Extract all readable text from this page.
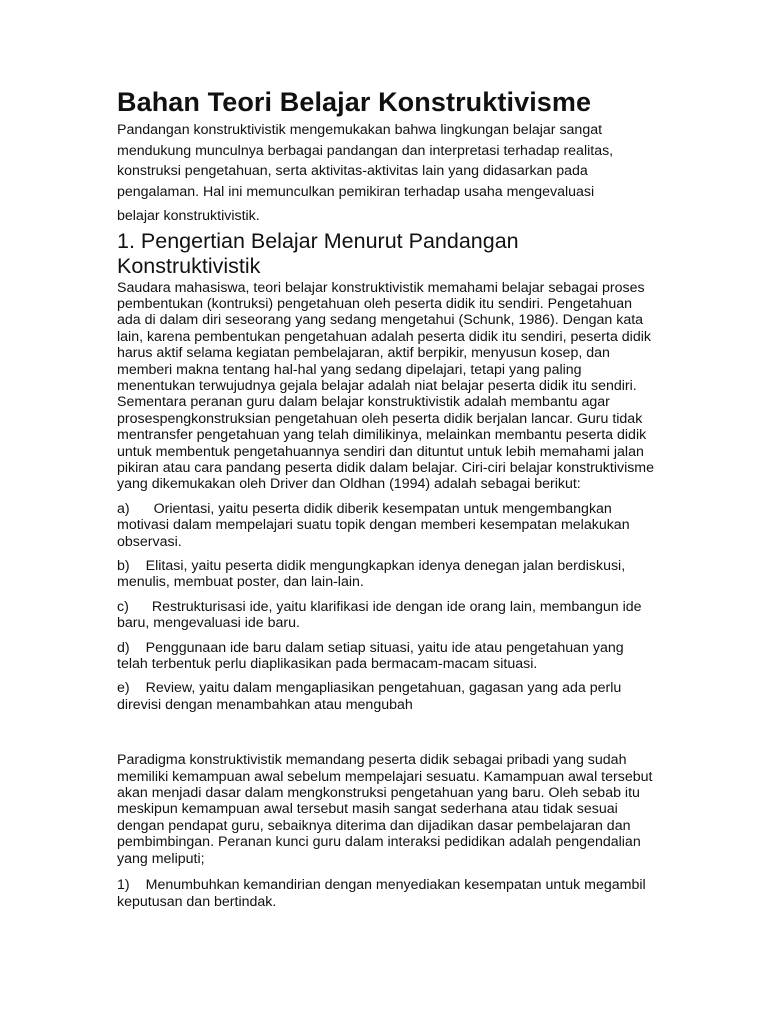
Bahan Teori Belajar Konstruktivisme

Pandangan konstruktivistik mengemukakan bahwa lingkungan belajar sangat mendukung munculnya berbagai pandangan dan interpretasi terhadap realitas, konstruksi pengetahuan, serta aktivitas-aktivitas lain yang didasarkan pada pengalaman. Hal ini memunculkan pemikiran terhadap usaha mengevaluasi

belajar konstruktivistik.

1. Pengertian Belajar Menurut Pandangan Konstruktivistik

Saudara mahasiswa, teori belajar konstruktivistik memahami belajar sebagai proses pembentukan (kontruksi) pengetahuan oleh peserta didik itu sendiri. Pengetahuan ada di dalam diri seseorang yang sedang mengetahui (Schunk, 1986). Dengan kata lain, karena pembentukan pengetahuan adalah peserta didik itu sendiri, peserta didik harus aktif selama kegiatan pembelajaran, aktif berpikir, menyusun kosep, dan memberi makna tentang hal-hal yang sedang dipelajari, tetapi yang paling menentukan terwujudnya gejala belajar adalah niat belajar peserta didik itu sendiri. Sementara peranan guru dalam belajar konstruktivistik adalah membantu agar prosespengkonstruksian pengetahuan oleh peserta didik berjalan lancar. Guru tidak mentransfer pengetahuan yang telah dimilikinya, melainkan membantu peserta didik untuk membentuk pengetahuannya sendiri dan dituntut untuk lebih memahami jalan pikiran atau cara pandang peserta didik dalam belajar. Ciri-ciri belajar konstruktivisme yang dikemukakan oleh Driver dan Oldhan (1994) adalah sebagai berikut:

a) Orientasi, yaitu peserta didik diberik kesempatan untuk mengembangkan motivasi dalam mempelajari suatu topik dengan memberi kesempatan melakukan observasi.

b) Elitasi, yaitu peserta didik mengungkapkan idenya denegan jalan berdiskusi, menulis, membuat poster, dan lain-lain.

c) Restrukturisasi ide, yaitu klarifikasi ide dengan ide orang lain, membangun ide baru, mengevaluasi ide baru.

d) Penggunaan ide baru dalam setiap situasi, yaitu ide atau pengetahuan yang telah terbentuk perlu diaplikasikan pada bermacam-macam situasi.

e) Review, yaitu dalam mengapliasikan pengetahuan, gagasan yang ada perlu direvisi dengan menambahkan atau mengubah

Paradigma konstruktivistik memandang peserta didik sebagai pribadi yang sudah memiliki kemampuan awal sebelum mempelajari sesuatu. Kamampuan awal tersebut akan menjadi dasar dalam mengkonstruksi pengetahuan yang baru. Oleh sebab itu meskipun kemampuan awal tersebut masih sangat sederhana atau tidak sesuai dengan pendapat guru, sebaiknya diterima dan dijadikan dasar pembelajaran dan pembimbingan. Peranan kunci guru dalam interaksi pedidikan adalah pengendalian yang meliputi;

1) Menumbuhkan kemandirian dengan menyediakan kesempatan untuk megambil keputusan dan bertindak.
